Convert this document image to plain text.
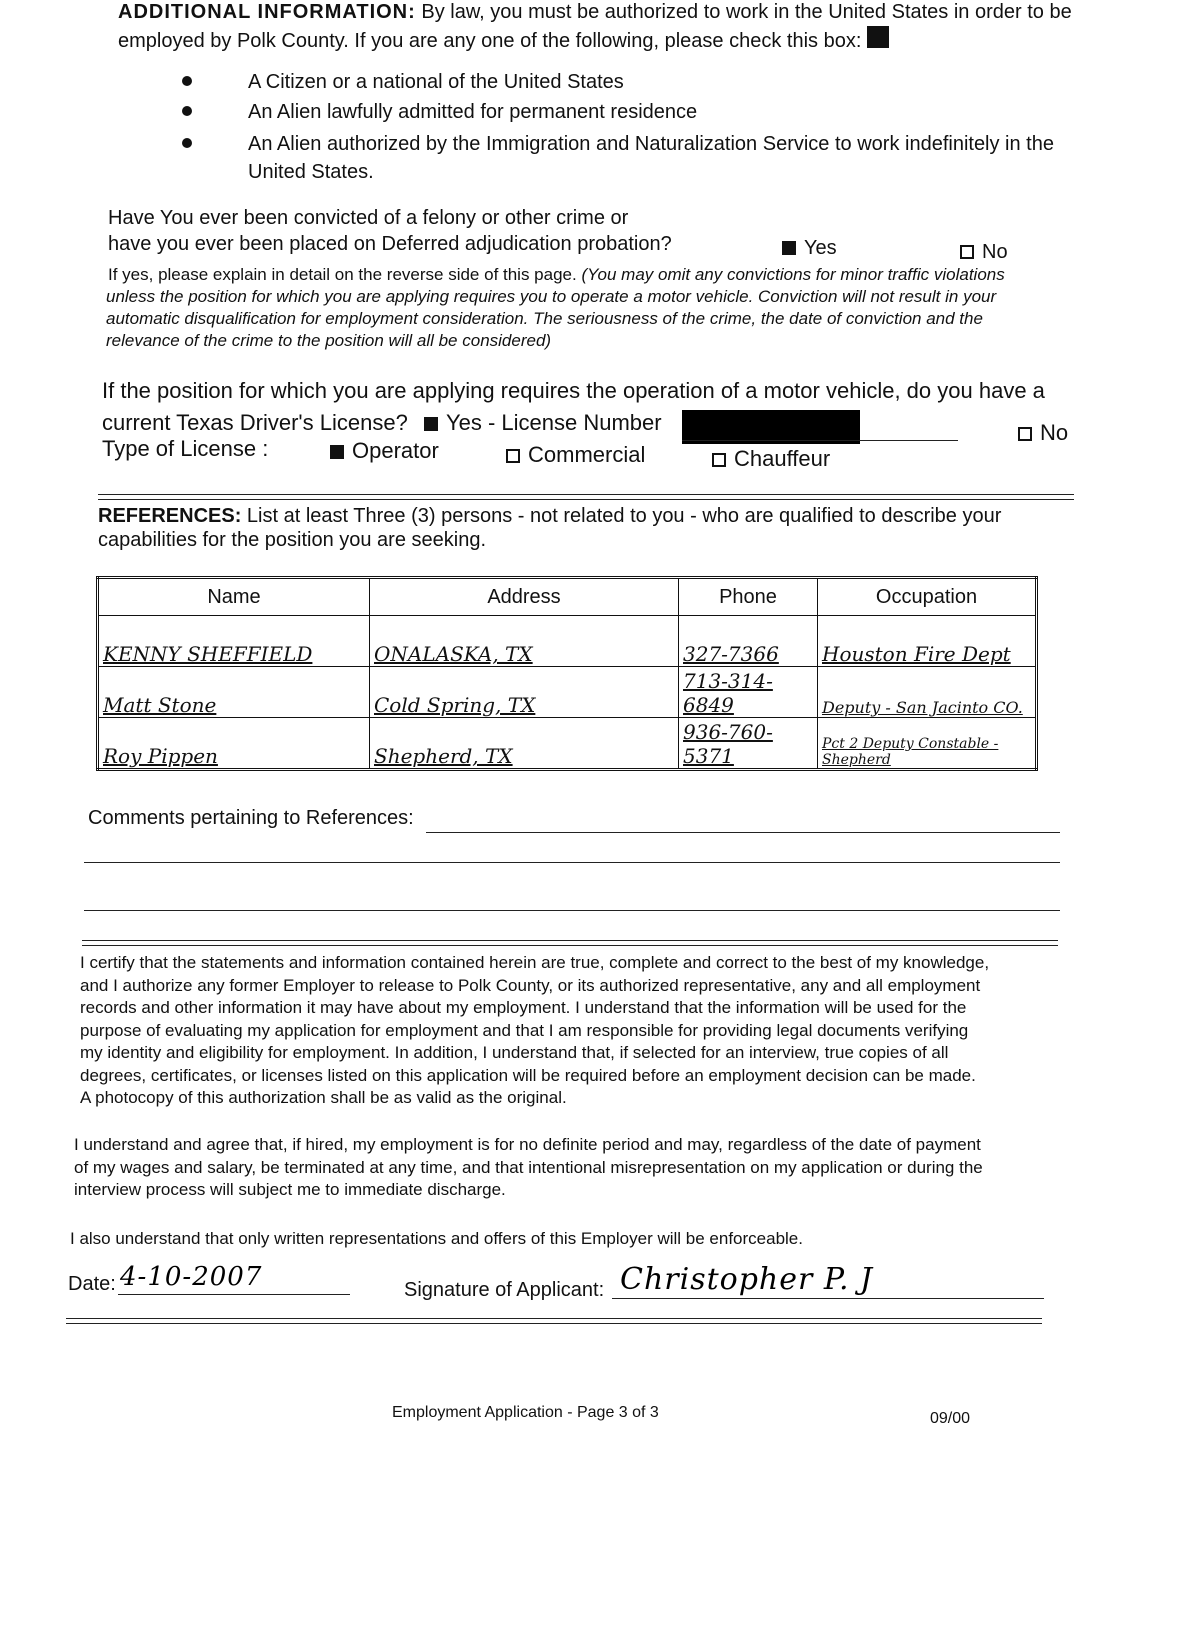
ADDITIONAL INFORMATION: By law, you must be authorized to work in the United States in order to be
employed by Polk County. If you are any one of the following, please check this box:
A Citizen or a national of the United States
An Alien lawfully admitted for permanent residence
An Alien authorized by the Immigration and Naturalization Service to work indefinitely in the
United States.
Have You ever been convicted of a felony or other crime or
have you ever been placed on Deferred adjudication probation?	Yes	No
If yes, please explain in detail on the reverse side of this page. (You may omit any convictions for minor traffic violations
unless the position for which you are applying requires you to operate a motor vehicle. Conviction will not result in your
automatic disqualification for employment consideration. The seriousness of the crime, the date of conviction and the
relevance of the crime to the position will all be considered)
If the position for which you are applying requires the operation of a motor vehicle, do you have a
current Texas Driver's License? Yes - License Number	No
Type of License :	Operator	Commercial	Chauffeur
REFERENCES: List at least Three (3) persons - not related to you - who are qualified to describe your
capabilities for the position you are seeking.
Name	Address	Phone	Occupation
KENNY SHEFFIELD	ONALASKA, TX	327-7366	Houston Fire Dept
Matt Stone	Cold Spring, TX	713-314-6849	Deputy - San Jacinto CO.
Roy Pippen	Shepherd, TX	936-760-5371	Pct 2 Deputy Constable - Shepherd
Comments pertaining to References:
I certify that the statements and information contained herein are true, complete and correct to the best of my knowledge,
and I authorize any former Employer to release to Polk County, or its authorized representative, any and all employment
records and other information it may have about my employment. I understand that the information will be used for the
purpose of evaluating my application for employment and that I am responsible for providing legal documents verifying
my identity and eligibility for employment. In addition, I understand that, if selected for an interview, true copies of all
degrees, certificates, or licenses listed on this application will be required before an employment decision can be made.
A photocopy of this authorization shall be as valid as the original.
I understand and agree that, if hired, my employment is for no definite period and may, regardless of the date of payment
of my wages and salary, be terminated at any time, and that intentional misrepresentation on my application or during the
interview process will subject me to immediate discharge.
I also understand that only written representations and offers of this Employer will be enforceable.
Date: 4-10-2007	Signature of Applicant: Christopher P. J
Employment Application - Page 3 of 3	09/00
